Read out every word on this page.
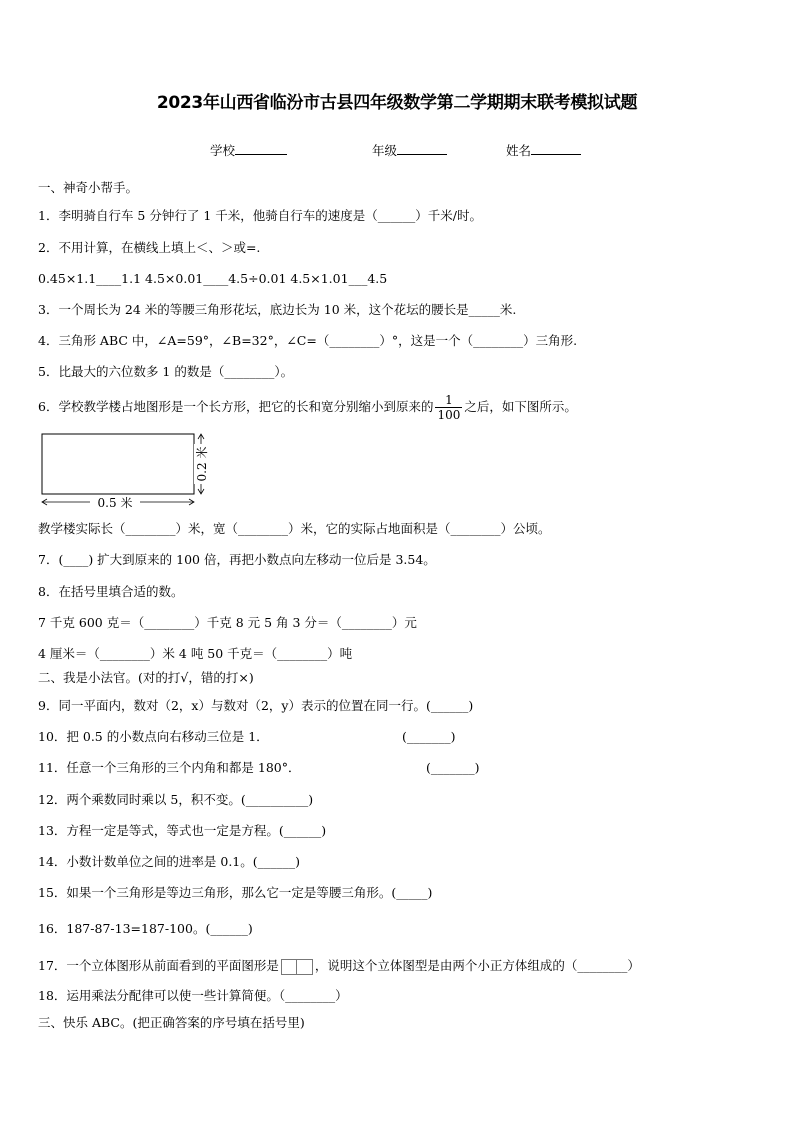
2023年山西省临汾市古县四年级数学第二学期期末联考模拟试题
学校	年级	姓名
一、神奇小帮手。
1．李明骑自行车 5 分钟行了 1 千米，他骑自行车的速度是（______）千米/时。
2．不用计算，在横线上填上＜、＞或=.
0.45×1.1____1.1 4.5×0.01____4.5÷0.01 4.5×1.01___4.5
3．一个周长为 24 米的等腰三角形花坛，底边长为 10 米，这个花坛的腰长是_____米.
4．三角形 ABC 中，∠A=59°，∠B=32°，∠C=（________）°，这是一个（________）三角形.
5．比最大的六位数多 1 的数是（________）。
6．学校教学楼占地图形是一个长方形，把它的长和宽分别缩小到原来的 $\frac{1}{100}$ 之后，如下图所示。
0.5 米
0.2 米
教学楼实际长（________）米，宽（________）米，它的实际占地面积是（________）公顷。
7．(____) 扩大到原来的 100 倍，再把小数点向左移动一位后是 3.54。
8．在括号里填合适的数。
7 千克 600 克＝（________）千克 8 元 5 角 3 分＝（________）元
4 厘米＝（________）米 4 吨 50 千克＝（________）吨
二、我是小法官。(对的打√，错的打×)
9．同一平面内，数对（2，x）与数对（2，y）表示的位置在同一行。(______)
10．把 0.5 的小数点向右移动三位是 1．	(_______)
11．任意一个三角形的三个内角和都是 180°．	(_______)
12．两个乘数同时乘以 5，积不变。(__________)
13．方程一定是等式，等式也一定是方程。(______)
14．小数计数单位之间的进率是 0.1。(______)
15．如果一个三角形是等边三角形，那么它一定是等腰三角形。(_____)
16．187-87-13=187-100。(______)
17．一个立体图形从前面看到的平面图形是	，说明这个立体图型是由两个小正方体组成的（________）
18．运用乘法分配律可以使一些计算简便。（________）
三、快乐 ABC。(把正确答案的序号填在括号里)
